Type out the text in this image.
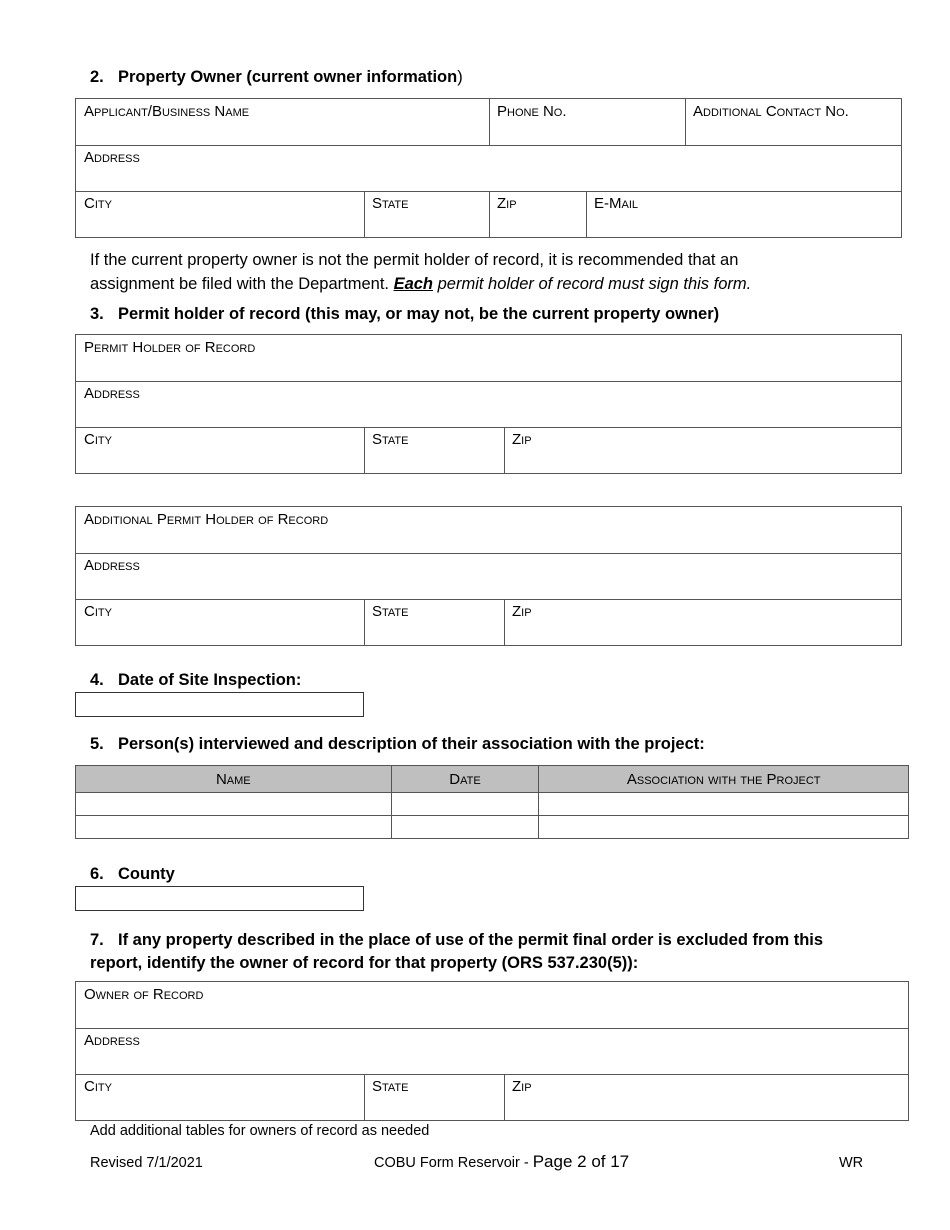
2. Property Owner (current owner information)
Applicant/Business Name	Phone No.	Additional Contact No.
Address
City	State	Zip	E-Mail
If the current property owner is not the permit holder of record, it is recommended that an
assignment be filed with the Department. Each permit holder of record must sign this form.
3. Permit holder of record (this may, or may not, be the current property owner)
Permit Holder of Record
Address
City	State	Zip
Additional Permit Holder of Record
Address
City	State	Zip
4. Date of Site Inspection:
5. Person(s) interviewed and description of their association with the project:
Name	Date	Association with the Project

6. County
7. If any property described in the place of use of the permit final order is excluded from this
report, identify the owner of record for that property (ORS 537.230(5)):
Owner of Record
Address
City	State	Zip
Add additional tables for owners of record as needed
Revised 7/1/2021	COBU Form Reservoir - Page 2 of 17	WR
